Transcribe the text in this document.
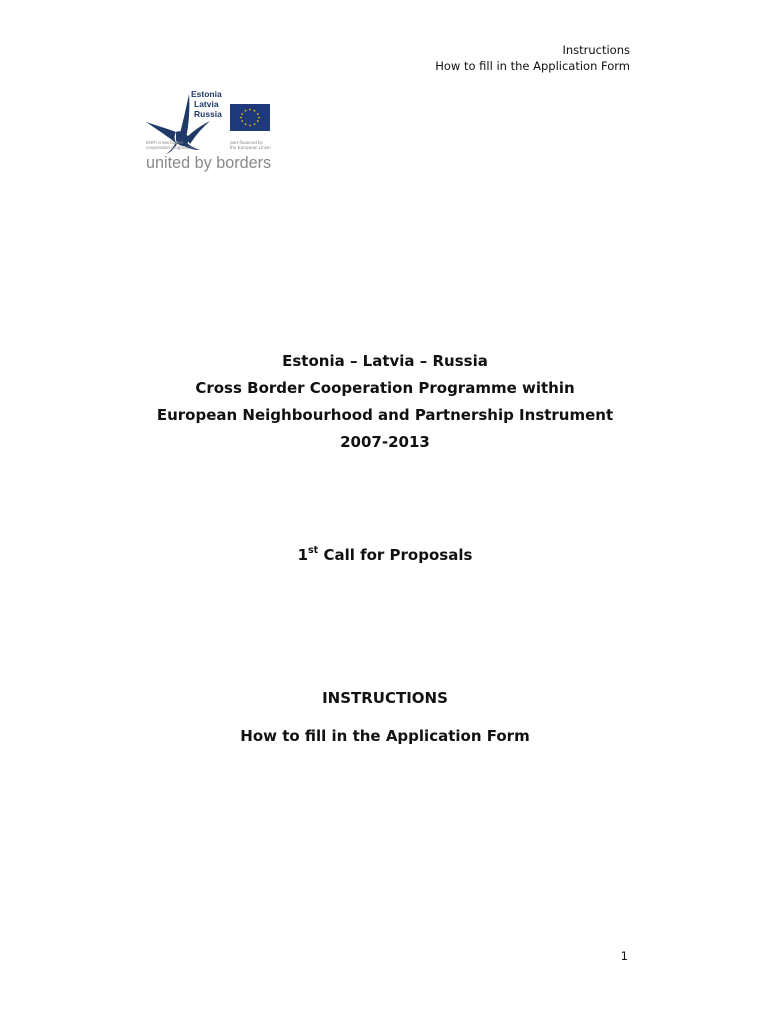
Instructions
How to fill in the Application Form
Estonia
Latvia
Russia
ENPI cross border
cooperation programme
part-financed by
the European Union
united by borders
Estonia – Latvia – Russia
Cross Border Cooperation Programme within
European Neighbourhood and Partnership Instrument
2007-2013
1st Call for Proposals
INSTRUCTIONS
How to fill in the Application Form
1
